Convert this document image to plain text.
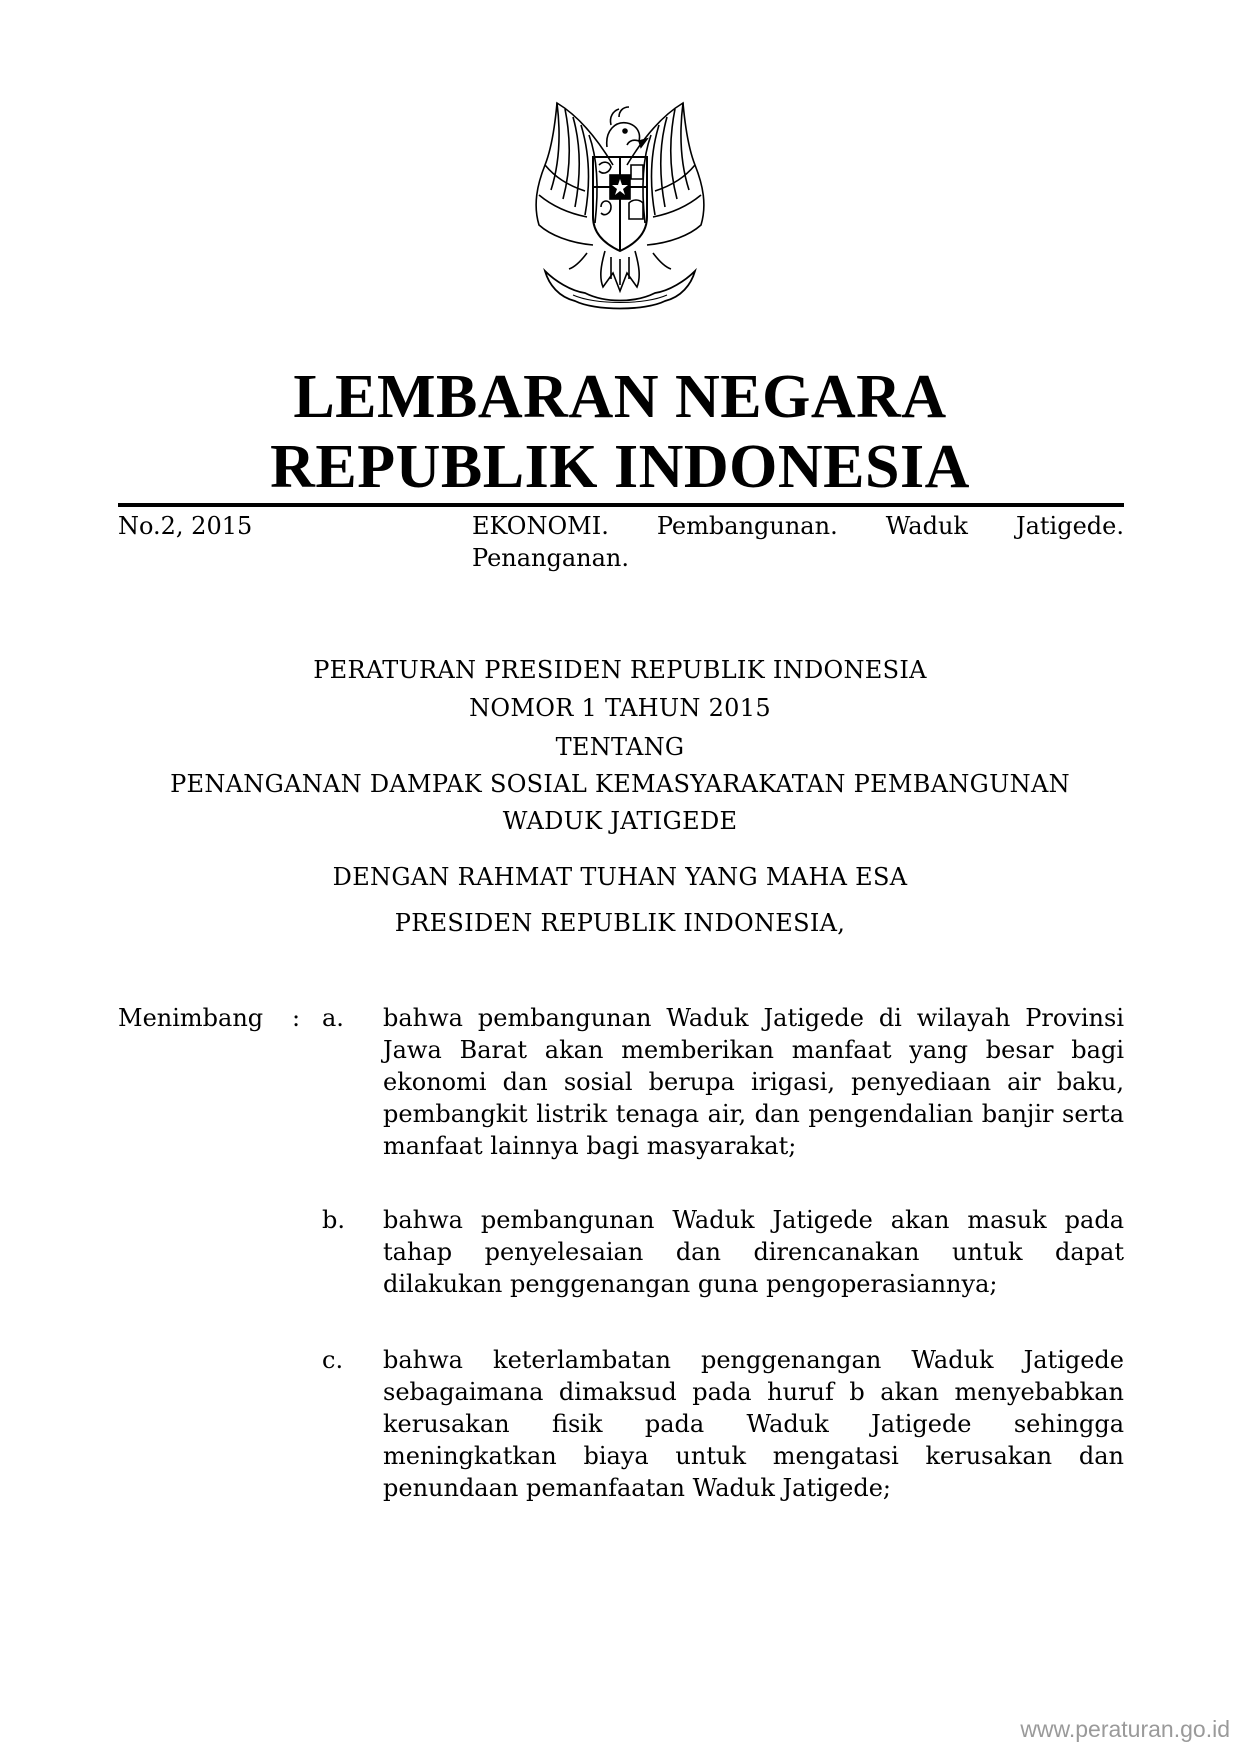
LEMBARAN NEGARA
REPUBLIK INDONESIA
No.2, 2015	EKONOMI. Pembangunan. Waduk Jatigede.
Penanganan.
PERATURAN PRESIDEN REPUBLIK INDONESIA
NOMOR 1 TAHUN 2015
TENTANG
PENANGANAN DAMPAK SOSIAL KEMASYARAKATAN PEMBANGUNAN
WADUK JATIGEDE
DENGAN RAHMAT TUHAN YANG MAHA ESA
PRESIDEN REPUBLIK INDONESIA,
Menimbang : a. bahwa pembangunan Waduk Jatigede di wilayah Provinsi Jawa Barat akan memberikan manfaat yang besar bagi ekonomi dan sosial berupa irigasi, penyediaan air baku, pembangkit listrik tenaga air, dan pengendalian banjir serta manfaat lainnya bagi masyarakat;
b. bahwa pembangunan Waduk Jatigede akan masuk pada tahap penyelesaian dan direncanakan untuk dapat dilakukan penggenangan guna pengoperasiannya;
c. bahwa keterlambatan penggenangan Waduk Jatigede sebagaimana dimaksud pada huruf b akan menyebabkan kerusakan fisik pada Waduk Jatigede sehingga meningkatkan biaya untuk mengatasi kerusakan dan penundaan pemanfaatan Waduk Jatigede;
www.peraturan.go.id
